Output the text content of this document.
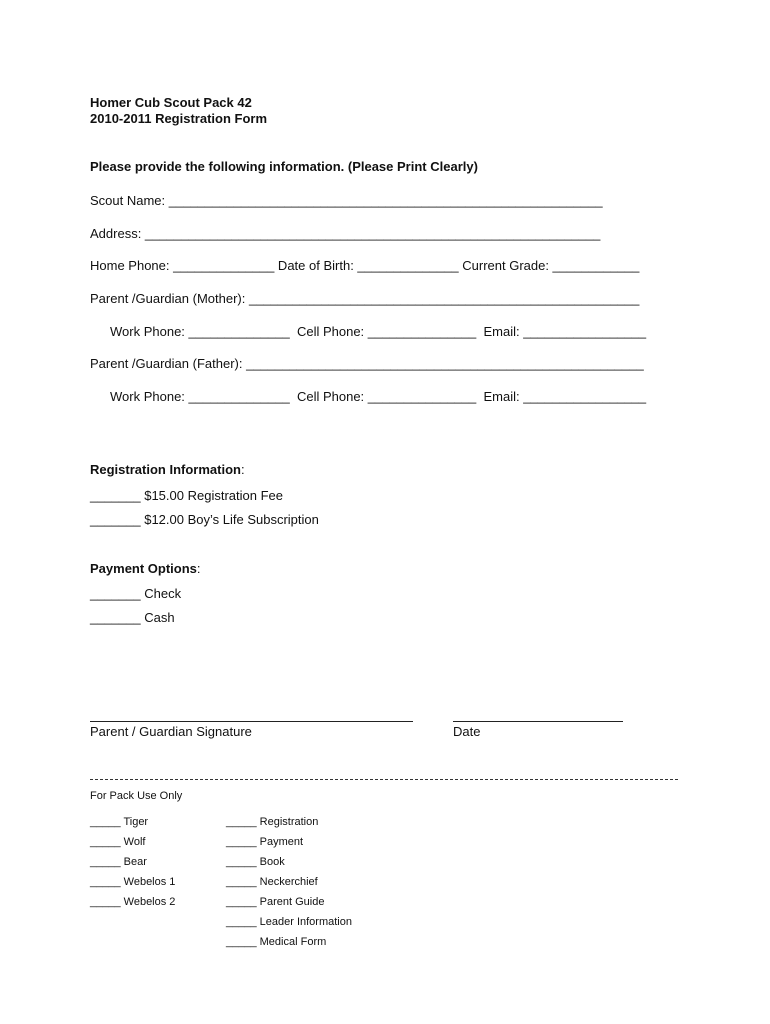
Homer Cub Scout Pack 42
2010-2011 Registration Form
Please provide the following information. (Please Print Clearly)
Scout Name: ____________________________________________________________
Address: _______________________________________________________________
Home Phone: ______________ Date of Birth: ______________ Current Grade: ____________
Parent /Guardian (Mother): ______________________________________________________
Work Phone: ______________  Cell Phone: _______________  Email: _________________
Parent /Guardian (Father): _______________________________________________________
Work Phone: ______________  Cell Phone: _______________  Email: _________________
Registration Information:
_______ $15.00 Registration Fee
_______ $12.00 Boy’s Life Subscription
Payment Options:
_______ Check
_______ Cash
Parent / Guardian Signature	Date
For Pack Use Only
_____ Tiger
_____ Wolf
_____ Bear
_____ Webelos 1
_____ Webelos 2
_____ Registration
_____ Payment
_____ Book
_____ Neckerchief
_____ Parent Guide
_____ Leader Information
_____ Medical Form
